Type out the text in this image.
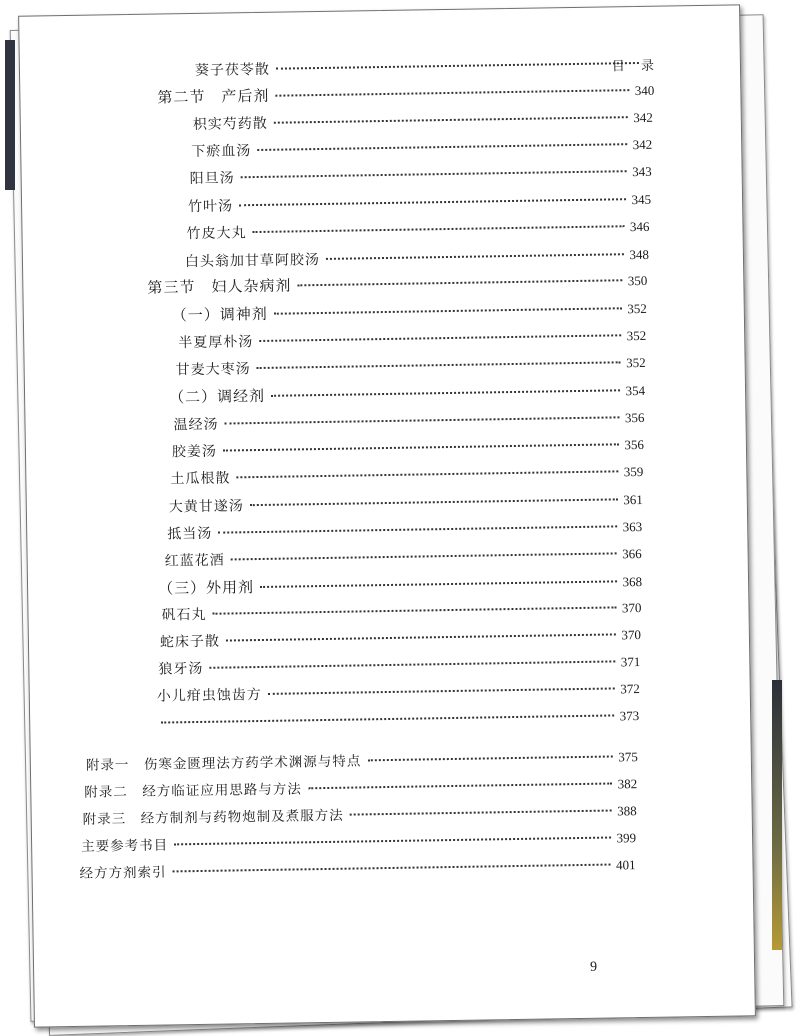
目 录
葵子茯苓散
第二节　产后剂	340
枳实芍药散	342
下瘀血汤	342
阳旦汤	343
竹叶汤	345
竹皮大丸	346
白头翁加甘草阿胶汤	348
第三节　妇人杂病剂	350
（一）调神剂	352
半夏厚朴汤	352
甘麦大枣汤	352
（二）调经剂	354
温经汤	356
胶姜汤	356
土瓜根散	359
大黄甘遂汤	361
抵当汤	363
红蓝花酒	366
（三）外用剂	368
矾石丸	370
蛇床子散	370
狼牙汤	371
小儿疳虫蚀齿方	372
373
附录一　伤寒金匮理法方药学术渊源与特点	375
附录二　经方临证应用思路与方法	382
附录三　经方制剂与药物炮制及煮服方法	388
主要参考书目	399
经方方剂索引	401
9
